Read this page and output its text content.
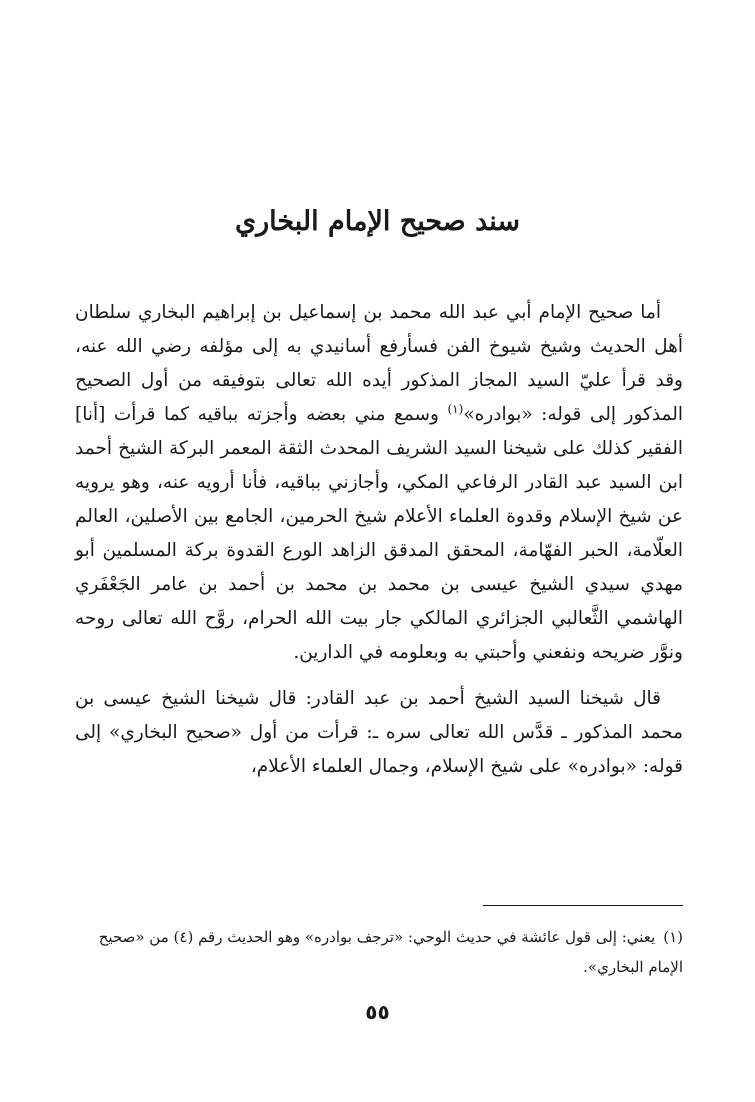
سند صحيح الإمام البخاري

أما صحيح الإمام أبي عبد الله محمد بن إسماعيل بن إبراهيم البخاري سلطان أهل الحديث وشيخ شيوخ الفن فسأرفع أسانيدي به إلى مؤلفه رضي الله عنه، وقد قرأ عليّ السيد المجاز المذكور أيده الله تعالى بتوفيقه من أول الصحيح المذكور إلى قوله: «بوادره»$^{(١)}$ وسمع مني بعضه وأجزته بباقيه كما قرأت [أنا] الفقير كذلك على شيخنا السيد الشريف المحدث الثقة المعمر البركة الشيخ أحمد ابن السيد عبد القادر الرفاعي المكي، وأجازني بباقيه، فأنا أرويه عنه، وهو يرويه عن شيخ الإسلام وقدوة العلماء الأعلام شيخ الحرمين، الجامع بين الأصلين، العالم العلّامة، الحبر الفهّامة، المحقق المدقق الزاهد الورع القدوة بركة المسلمين أبو مهدي سيدي الشيخ عيسى بن محمد بن محمد بن أحمد بن عامر الجَعْفَري الهاشمي الثَّعالبي الجزائري المالكي جار بيت الله الحرام، روَّح الله تعالى روحه ونوَّر ضريحه ونفعني وأحبتي به وبعلومه في الدارين.

قال شيخنا السيد الشيخ أحمد بن عبد القادر: قال شيخنا الشيخ عيسى بن محمد المذكور ـ قدَّس الله تعالى سره ـ: قرأت من أول «صحيح البخاري» إلى قوله: «بوادره» على شيخ الإسلام، وجمال العلماء الأعلام،

(١)يعني: إلى قول عائشة في حديث الوحي: «ترجف بوادره» وهو الحديث رقم (٤) من «صحيح الإمام البخاري».
٥٥
